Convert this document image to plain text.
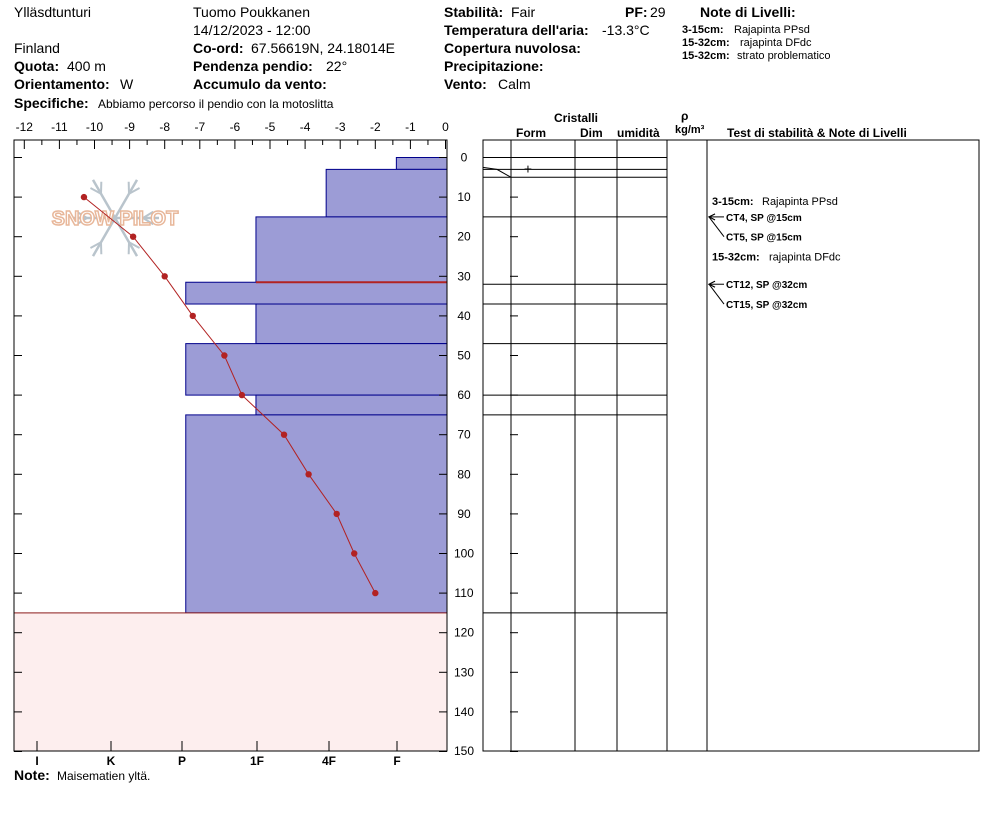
Ylläsdtunturi	Tuomo Poukkanen
14/12/2023 - 12:00
Finland	Co-ord: 67.56619N, 24.18014E
Quota: 400 m	Pendenza pendio: 22°
Orientamento: W	Accumulo da vento:
Specifiche: Abbiamo percorso il pendio con la motoslitta
Stabilità: Fair	PF: 29
Temperatura dell'aria: -13.3°C
Copertura nuvolosa:
Precipitazione:
Vento: Calm
Note di Livelli:
3-15cm: Rajapinta PPsd
15-32cm: rajapinta DFdc
15-32cm: strato problematico
Cristalli
Form	Dim umidità
ρ
kg/m³ Test di stabilità & Note di Livelli
Note: Maisematien yltä.
SNOW PILOT
-12 -11 -10 -9 -8 -7 -6 -5 -4 -3 -2 -1 0
0
10
20
30
40
50
60
70
80
90
100
110
120
130
140
150
I	K	P	1F	4F	F
+
3-15cm: Rajapinta PPsd
CT4, SP @15cm
CT5, SP @15cm
15-32cm: rajapinta DFdc
CT12, SP @32cm
CT15, SP @32cm
